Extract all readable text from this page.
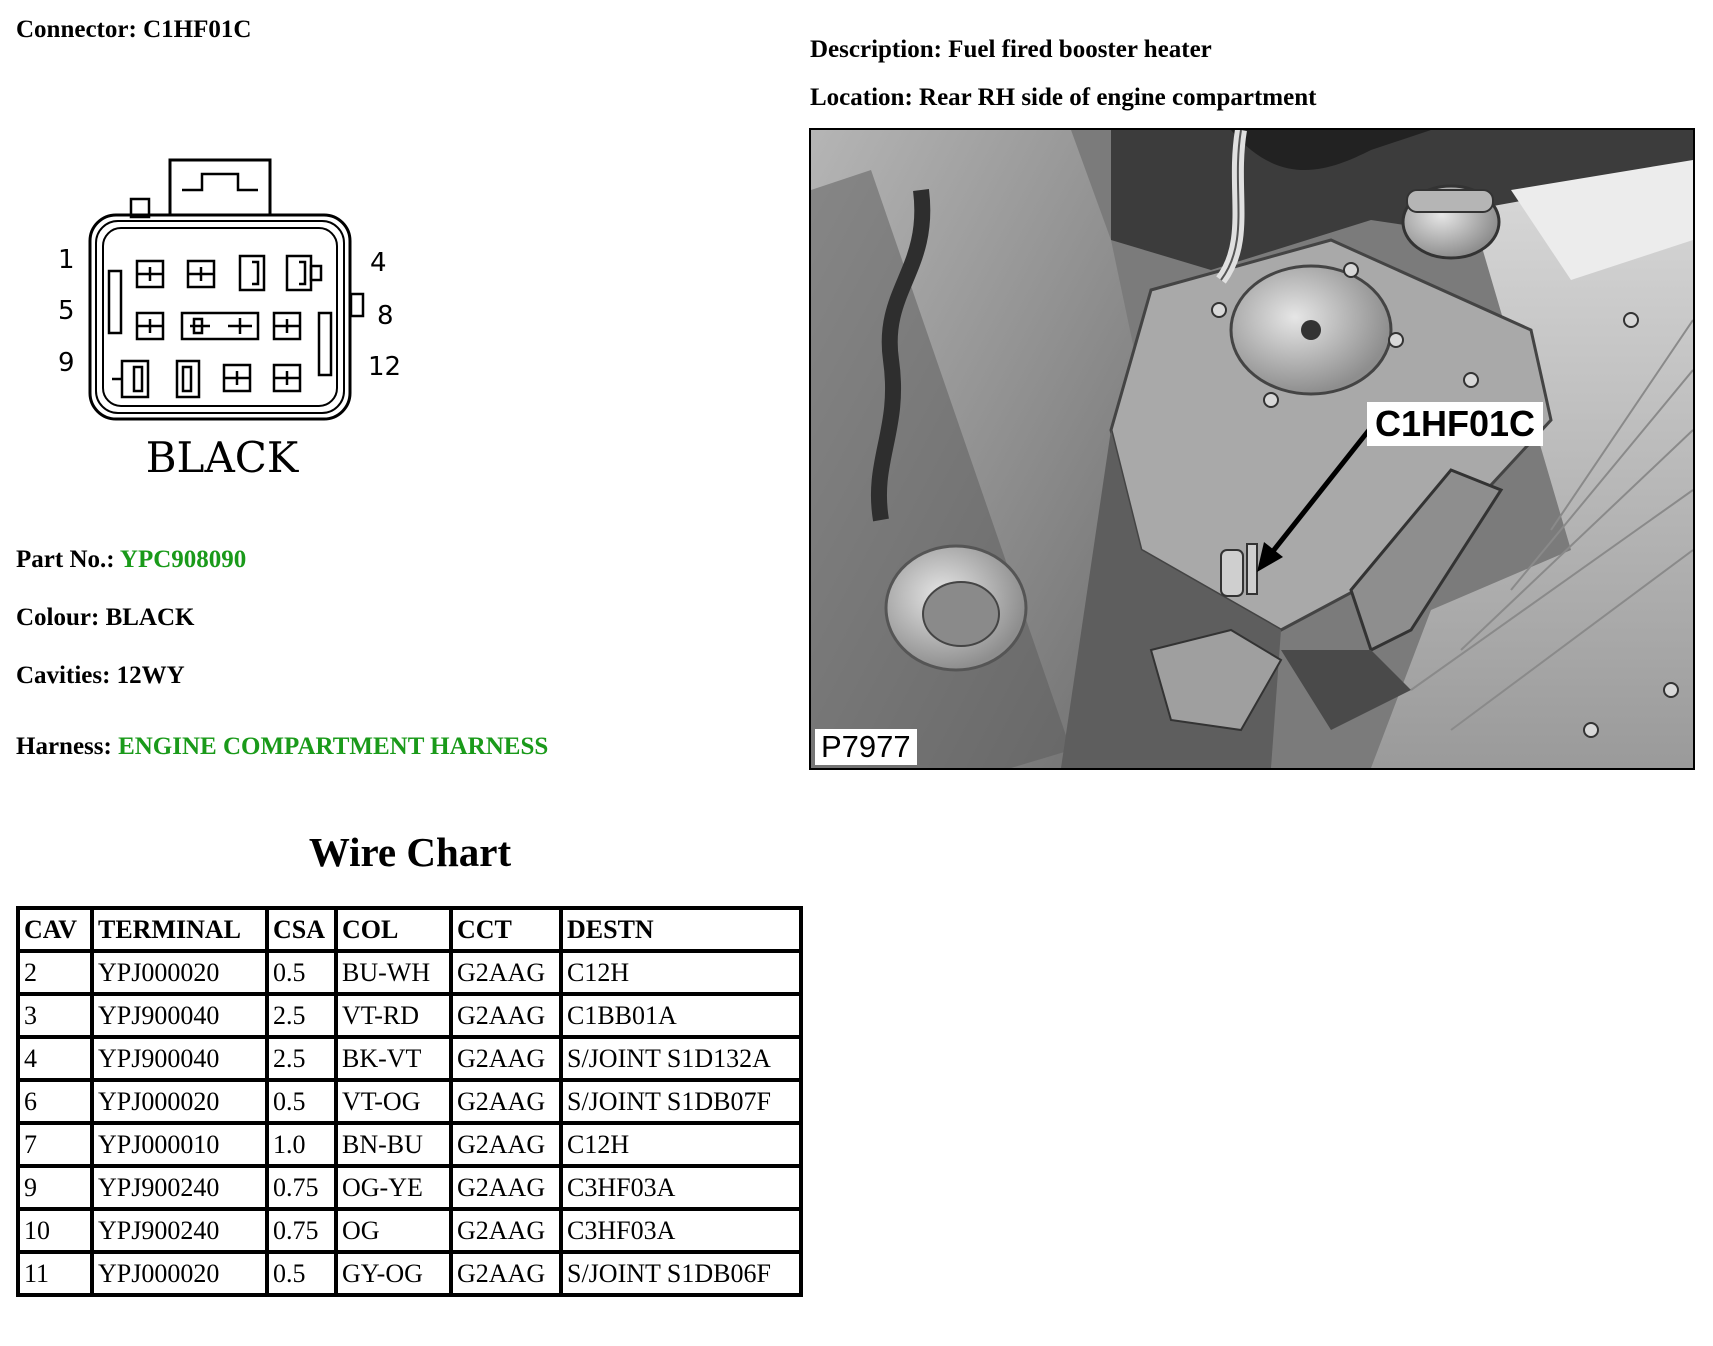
Connector: C1HF01C
Description: Fuel fired booster heater
Location: Rear RH side of engine compartment
1
5
9
4
8
12
BLACK
C1HF01C
P7977
Part No.: YPC908090
Colour: BLACK
Cavities: 12WY
Harness: ENGINE COMPARTMENT HARNESS
Wire Chart
CAV	TERMINAL	CSA	COL	CCT	DESTN
2	YPJ000020	0.5	BU-WH	G2AAG	C12H
3	YPJ900040	2.5	VT-RD	G2AAG	C1BB01A
4	YPJ900040	2.5	BK-VT	G2AAG	S/JOINT S1D132A
6	YPJ000020	0.5	VT-OG	G2AAG	S/JOINT S1DB07F
7	YPJ000010	1.0	BN-BU	G2AAG	C12H
9	YPJ900240	0.75	OG-YE	G2AAG	C3HF03A
10	YPJ900240	0.75	OG	G2AAG	C3HF03A
11	YPJ000020	0.5	GY-OG	G2AAG	S/JOINT S1DB06F
